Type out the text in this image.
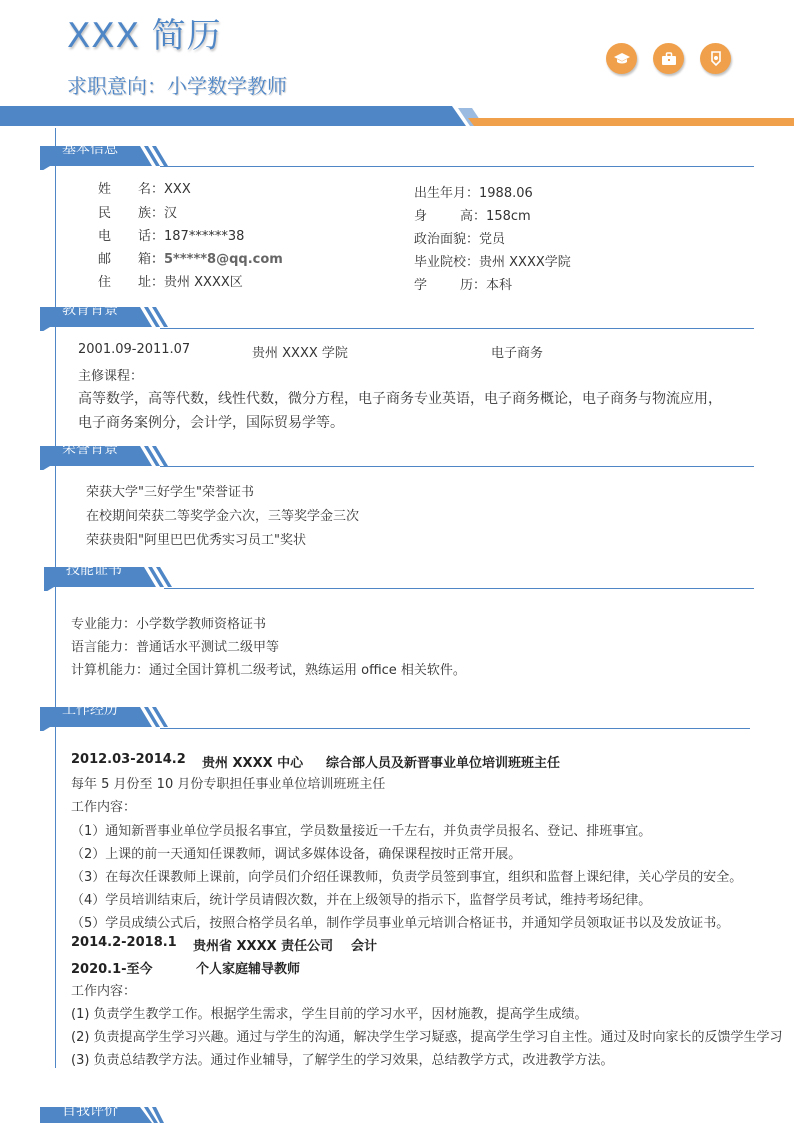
XXX 简历
求职意向：小学数学教师
基本信息
姓 名：XXX
民 族：汉
电 话：187******38
邮 箱：5*****8@qq.com
住 址：贵州 XXXX区
出生年月：1988.06
身        高：158cm
政治面貌：党员
毕业院校：贵州 XXXX学院
学        历：本科
教育背景
2001.09-2011.07	贵州 XXXX 学院	电子商务
主修课程：
高等数学，高等代数，线性代数，微分方程，电子商务专业英语，电子商务概论，电子商务与物流应用，
电子商务案例分，会计学，国际贸易学等。
荣誉背景
荣获大学"三好学生"荣誉证书
在校期间荣获二等奖学金六次，三等奖学金三次
荣获贵阳"阿里巴巴优秀实习员工"奖状
技能证书
专业能力：小学数学教师资格证书
语言能力：普通话水平测试二级甲等
计算机能力：通过全国计算机二级考试，熟练运用 office 相关软件。
工作经历
2012.03-2014.2 贵州 XXXX 中心 综合部人员及新晋事业单位培训班班主任
每年 5 月份至 10 月份专职担任事业单位培训班班主任
工作内容：
（1）通知新晋事业单位学员报名事宜，学员数量接近一千左右，并负责学员报名、登记、排班事宜。
（2）上课的前一天通知任课教师，调试多媒体设备，确保课程按时正常开展。
（3）在每次任课教师上课前，向学员们介绍任课教师，负责学员签到事宜，组织和监督上课纪律，关心学员的安全。
（4）学员培训结束后，统计学员请假次数，并在上级领导的指示下，监督学员考试，维持考场纪律。
（5）学员成绩公式后，按照合格学员名单，制作学员事业单元培训合格证书，并通知学员领取证书以及发放证书。
2014.2-2018.1 贵州省 XXXX 责任公司 会计
2020.1-至今	个人家庭辅导教师
工作内容：
(1) 负责学生教学工作。根据学生需求，学生目前的学习水平，因材施教，提高学生成绩。
(2) 负责提高学生学习兴趣。通过与学生的沟通，解决学生学习疑惑，提高学生学习自主性。通过及时向家长的反馈学生学习
(3) 负责总结教学方法。通过作业辅导，了解学生的学习效果，总结教学方式，改进教学方法。
自我评价
